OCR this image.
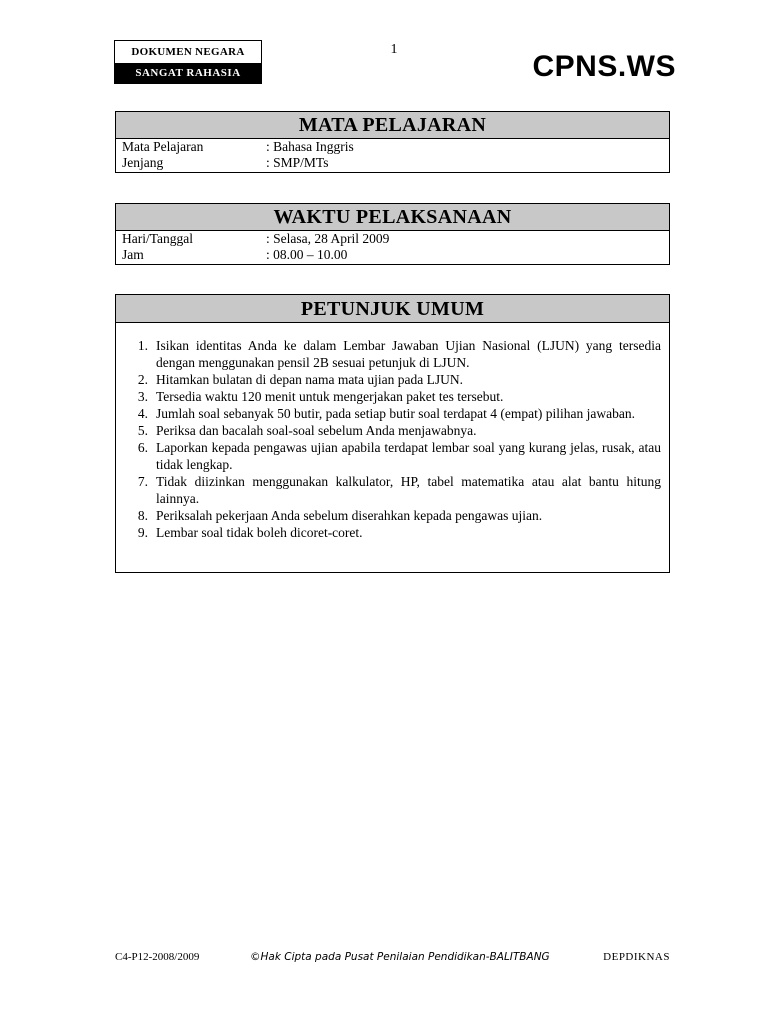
DOKUMEN NEGARA
SANGAT RAHASIA
1
CPNS.WS
MATA PELAJARAN
Mata Pelajaran	: Bahasa Inggris
Jenjang	: SMP/MTs
WAKTU PELAKSANAAN
Hari/Tanggal	: Selasa, 28 April 2009
Jam	: 08.00 – 10.00
PETUNJUK UMUM
1. Isikan identitas Anda ke dalam Lembar Jawaban Ujian Nasional (LJUN) yang tersedia dengan menggunakan pensil 2B sesuai petunjuk di LJUN.
2. Hitamkan bulatan di depan nama mata ujian pada LJUN.
3. Tersedia waktu 120 menit untuk mengerjakan paket tes tersebut.
4. Jumlah soal sebanyak 50 butir, pada setiap butir soal terdapat 4 (empat) pilihan jawaban.
5. Periksa dan bacalah soal-soal sebelum Anda menjawabnya.
6. Laporkan kepada pengawas ujian apabila terdapat lembar soal yang kurang jelas, rusak, atau tidak lengkap.
7. Tidak diizinkan menggunakan kalkulator, HP, tabel matematika atau alat bantu hitung lainnya.
8. Periksalah pekerjaan Anda sebelum diserahkan kepada pengawas ujian.
9. Lembar soal tidak boleh dicoret-coret.
C4-P12-2008/2009	©Hak Cipta pada Pusat Penilaian Pendidikan-BALITBANG	DEPDIKNAS
